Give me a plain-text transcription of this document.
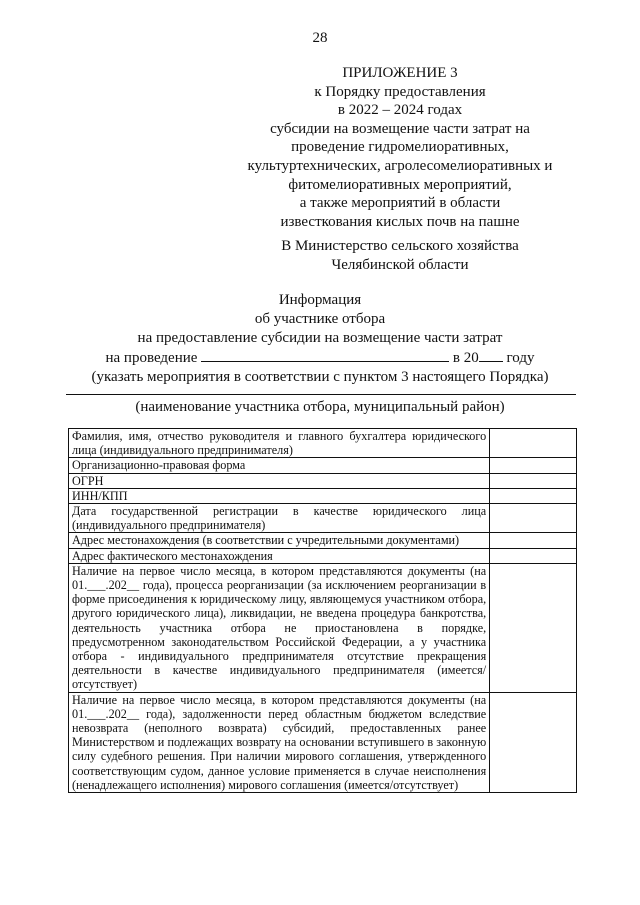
28
ПРИЛОЖЕНИЕ 3
к Порядку предоставления
в 2022 – 2024 годах
субсидии на возмещение части затрат на
проведение гидромелиоративных,
культуртехнических, агролесомелиоративных и
фитомелиоративных мероприятий,
а также мероприятий в области
известкования кислых почв на пашне
В Министерство сельского хозяйства
Челябинской области
Информация
об участнике отбора
на предоставление субсидии на возмещение части затрат
на проведение	в 20 году
(указать мероприятия в соответствии с пунктом 3 настоящего Порядка)
(наименование участника отбора, муниципальный район)
Фамилия, имя, отчество руководителя и главного бухгалтера юридического лица (индивидуального предпринимателя)	
Организационно-правовая форма	
ОГРН	
ИНН/КПП	
Дата государственной регистрации в качестве юридического лица (индивидуального предпринимателя)	
Адрес местонахождения (в соответствии с учредительными документами)	
Адрес фактического местонахождения	
Наличие на первое число месяца, в котором представляются документы (на 01.___.202__ года), процесса реорганизации (за исключением реорганизации в форме присоединения к юридическому лицу, являющемуся участником отбора, другого юридического лица), ликвидации, не введена процедура банкротства, деятельность участника отбора не приостановлена в порядке, предусмотренном законодательством Российской Федерации, а у участника отбора - индивидуального предпринимателя отсутствие прекращения деятельности в качестве индивидуального предпринимателя (имеется/отсутствует)	
Наличие на первое число месяца, в котором представляются документы (на 01.___.202__ года), задолженности перед областным бюджетом вследствие невозврата (неполного возврата) субсидий, предоставленных ранее Министерством и подлежащих возврату на основании вступившего в законную силу судебного решения. При наличии мирового соглашения, утвержденного соответствующим судом, данное условие применяется в случае неисполнения (ненадлежащего исполнения) мирового соглашения (имеется/отсутствует)	
